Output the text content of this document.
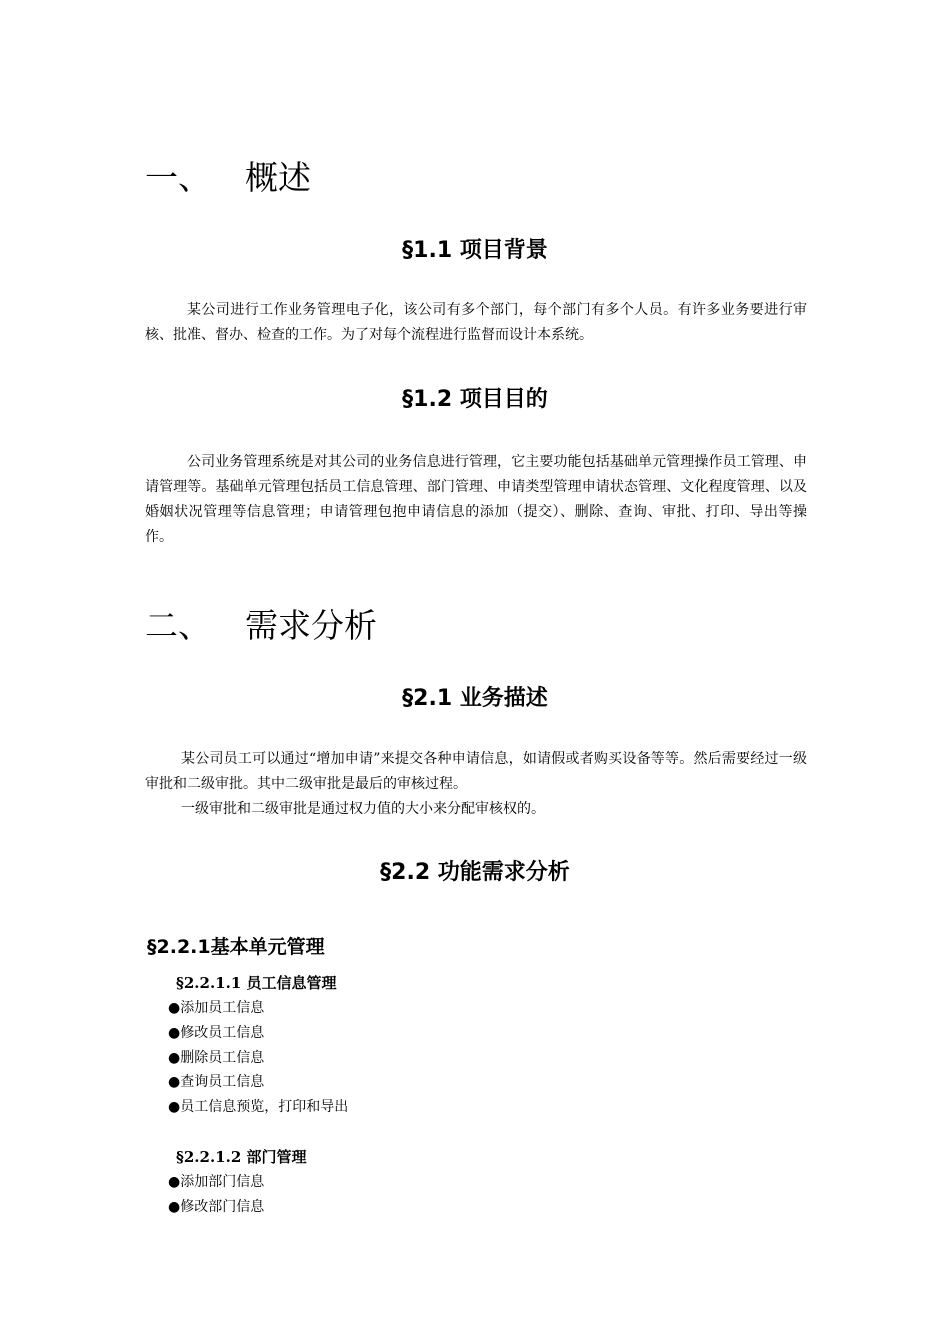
一、 概述
§1.1 项目背景

某公司进行工作业务管理电子化，该公司有多个部门，每个部门有多个人员。有许多业务要进行审核、批准、督办、检查的工作。为了对每个流程进行监督而设计本系统。

§1.2 项目目的

公司业务管理系统是对其公司的业务信息进行管理，它主要功能包括基础单元管理操作员工管理、申请管理等。基础单元管理包括员工信息管理、部门管理、申请类型管理申请状态管理、文化程度管理、以及婚姻状况管理等信息管理；申请管理包抱申请信息的添加（提交）、删除、查询、审批、打印、导出等操作。

二、 需求分析
§2.1 业务描述

某公司员工可以通过“增加申请”来提交各种申请信息，如请假或者购买设备等等。然后需要经过一级审批和二级审批。其中二级审批是最后的审核过程。

一级审批和二级审批是通过权力值的大小来分配审核权的。

§2.2 功能需求分析
§2.2.1基本单元管理
§2.2.1.1 员工信息管理
●添加员工信息
●修改员工信息
●删除员工信息
●查询员工信息
●员工信息预览，打印和导出
§2.2.1.2 部门管理
●添加部门信息
●修改部门信息
